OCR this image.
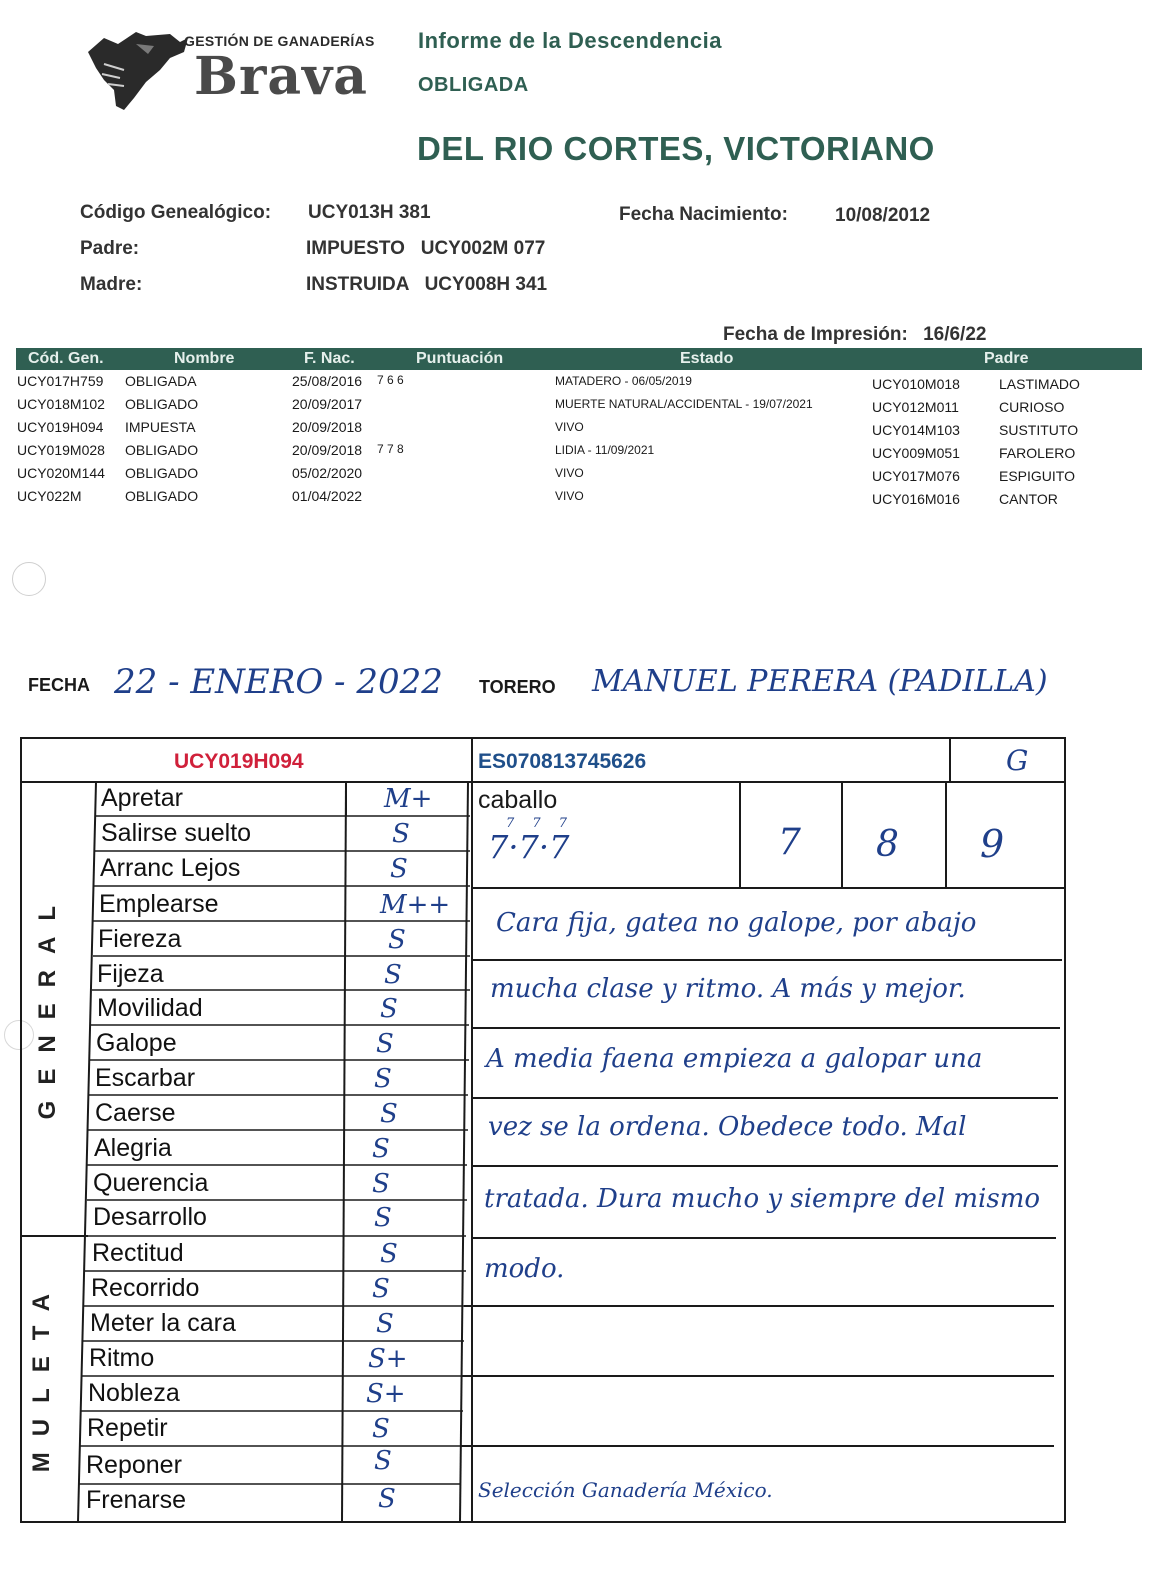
GESTIÓN DE GANADERÍAS
Brava
Informe de la Descendencia
OBLIGADA
DEL RIO CORTES, VICTORIANO
Código Genealógico: UCY013H 381	Fecha Nacimiento: 10/08/2012
Padre:	IMPUESTO   UCY002M 077
Madre:	INSTRUIDA   UCY008H 341
Fecha de Impresión: 16/6/22
Cód. Gen.	Nombre	F. Nac.	Puntuación	Estado	Padre
UCY017H759 OBLIGADA	25/08/2016 7 6 6	MATADERO - 06/05/2019	UCY010M018	LASTIMADO
UCY018M102 OBLIGADO	20/09/2017	MUERTE NATURAL/ACCIDENTAL - 19/07/2021	UCY012M011	CURIOSO
UCY019H094 IMPUESTA	20/09/2018	VIVO	UCY014M103	SUSTITUTO
UCY019M028 OBLIGADO	20/09/2018 7 7 8	LIDIA - 11/09/2021	UCY009M051	FAROLERO
UCY020M144 OBLIGADO	05/02/2020	VIVO	UCY017M076	ESPIGUITO
UCY022M	OBLIGADO	01/04/2022	VIVO	UCY016M016	CANTOR
FECHA 22 - ENERO - 2022 TORERO MANUEL PERERA (PADILLA)
UCY019H094	ES070813745626	G
caballo
7·7·7
7 7 7	7 8 9
GENERAL
MULETA
Apretar	M+
Salirse suelto	S
Arranc Lejos	S
Emplearse	M++
Fiereza	S
Fijeza	S
Movilidad	S
Galope	S
Escarbar	S
Caerse	S
Alegria	S
Querencia	S
Desarrollo	S
Rectitud	S
Recorrido	S
Meter la cara	S
Ritmo	S+
Nobleza	S+
Repetir	S
Reponer	S
Frenarse	S
Cara fija, gatea no galope, por abajo
mucha clase y ritmo. A más y mejor.
A media faena empieza a galopar una
vez se la ordena. Obedece todo. Mal
tratada. Dura mucho y siempre del mismo
modo.
Selección Ganadería México.
